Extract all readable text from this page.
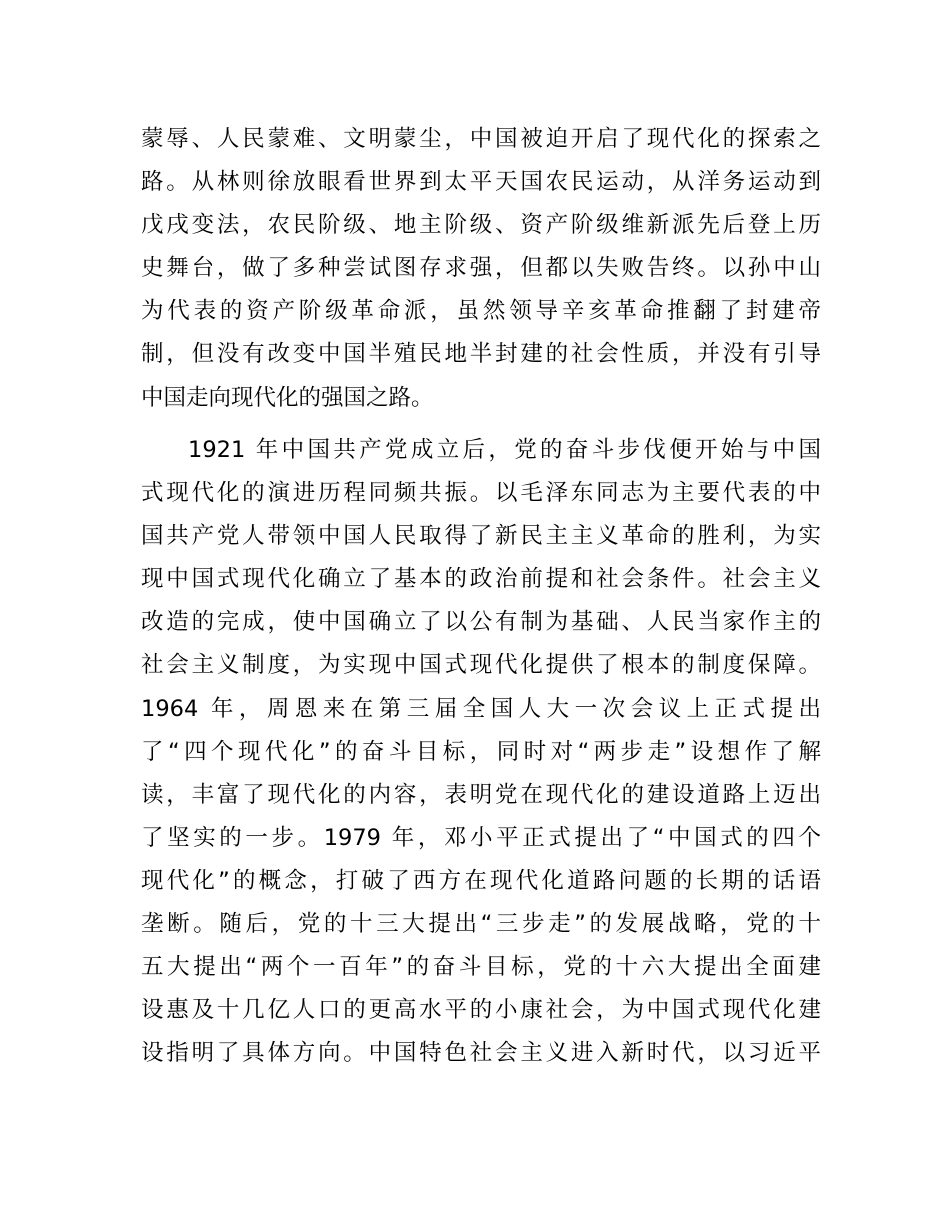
蒙辱、人民蒙难、文明蒙尘，中国被迫开启了现代化的探索之
路。从林则徐放眼看世界到太平天国农民运动，从洋务运动到
戊戌变法，农民阶级、地主阶级、资产阶级维新派先后登上历
史舞台，做了多种尝试图存求强，但都以失败告终。以孙中山
为代表的资产阶级革命派，虽然领导辛亥革命推翻了封建帝
制，但没有改变中国半殖民地半封建的社会性质，并没有引导
中国走向现代化的强国之路。

1921 年中国共产党成立后，党的奋斗步伐便开始与中国
式现代化的演进历程同频共振。以毛泽东同志为主要代表的中
国共产党人带领中国人民取得了新民主主义革命的胜利，为实
现中国式现代化确立了基本的政治前提和社会条件。社会主义
改造的完成，使中国确立了以公有制为基础、人民当家作主的
社会主义制度，为实现中国式现代化提供了根本的制度保障。
1964 年，周恩来在第三届全国人大一次会议上正式提出
了“四个现代化”的奋斗目标，同时对“两步走”设想作了解
读，丰富了现代化的内容，表明党在现代化的建设道路上迈出
了坚实的一步。1979 年，邓小平正式提出了“中国式的四个
现代化”的概念，打破了西方在现代化道路问题的长期的话语
垄断。随后，党的十三大提出“三步走”的发展战略，党的十
五大提出“两个一百年”的奋斗目标，党的十六大提出全面建
设惠及十几亿人口的更高水平的小康社会，为中国式现代化建
设指明了具体方向。中国特色社会主义进入新时代，以习近平
